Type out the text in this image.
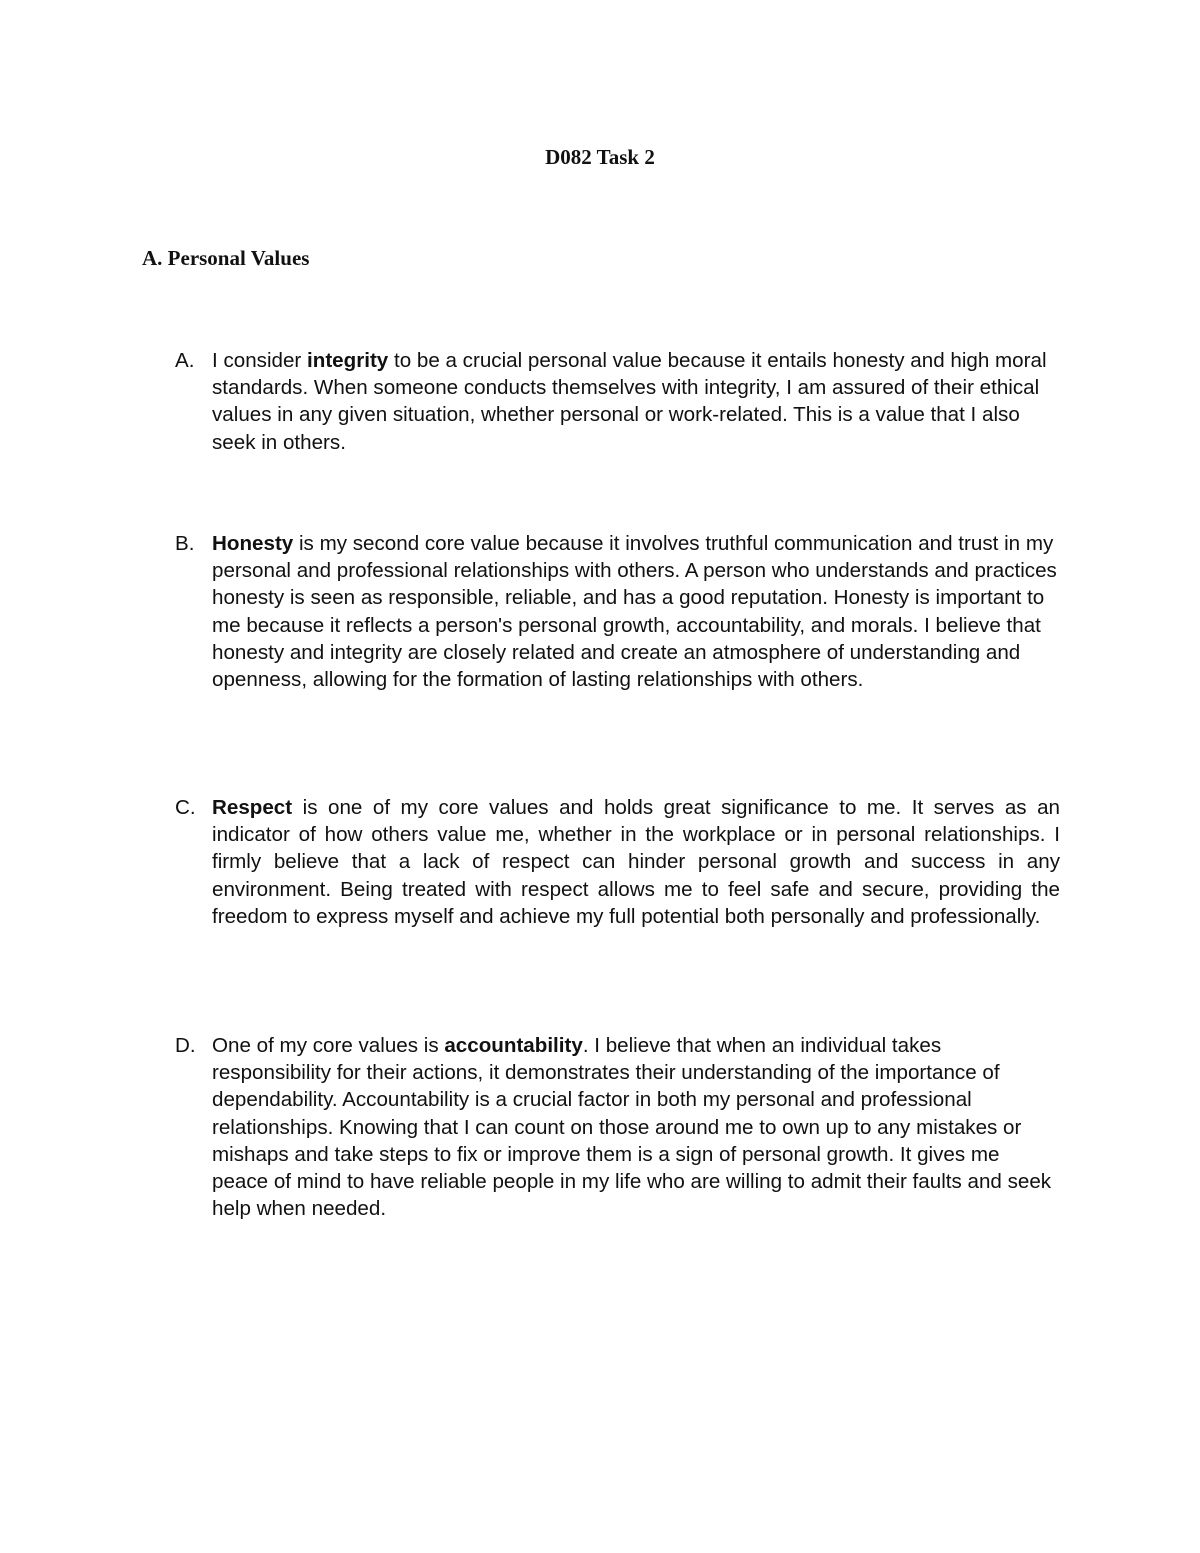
D082 Task 2
A. Personal Values
A. I consider integrity to be a crucial personal value because it entails honesty and high moral standards. When someone conducts themselves with integrity, I am assured of their ethical values in any given situation, whether personal or work-related. This is a value that I also seek in others.
B. Honesty is my second core value because it involves truthful communication and trust in my personal and professional relationships with others. A person who understands and practices honesty is seen as responsible, reliable, and has a good reputation. Honesty is important to me because it reflects a person's personal growth, accountability, and morals. I believe that honesty and integrity are closely related and create an atmosphere of understanding and openness, allowing for the formation of lasting relationships with others.
C. Respect is one of my core values and holds great significance to me. It serves as an indicator of how others value me, whether in the workplace or in personal relationships. I firmly believe that a lack of respect can hinder personal growth and success in any environment. Being treated with respect allows me to feel safe and secure, providing the freedom to express myself and achieve my full potential both personally and professionally.
D. One of my core values is accountability. I believe that when an individual takes responsibility for their actions, it demonstrates their understanding of the importance of dependability. Accountability is a crucial factor in both my personal and professional relationships. Knowing that I can count on those around me to own up to any mistakes or mishaps and take steps to fix or improve them is a sign of personal growth. It gives me peace of mind to have reliable people in my life who are willing to admit their faults and seek help when needed.
